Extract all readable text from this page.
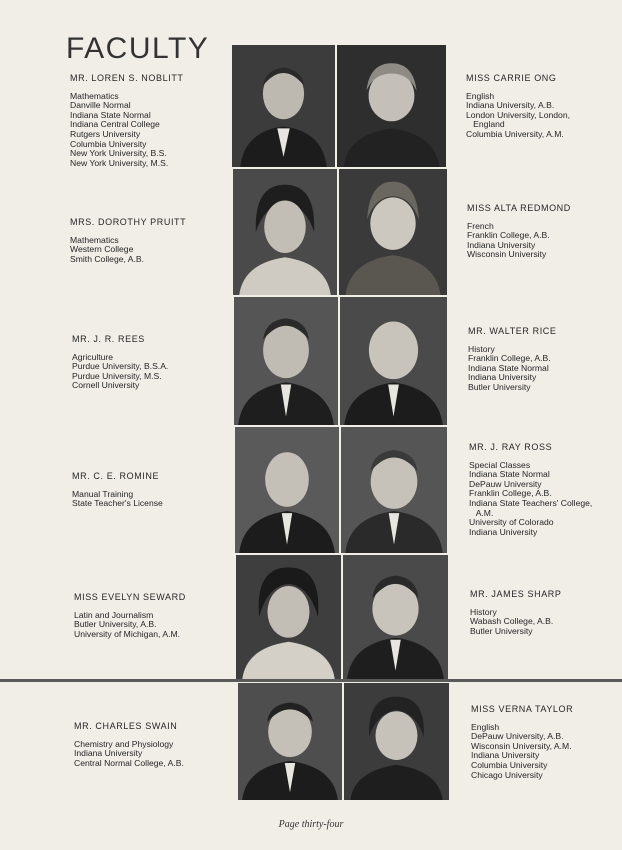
FACULTY
MR. LOREN S. NOBLITT
Mathematics
Danville Normal
Indiana State Normal
Indiana Central College
Rutgers University
Columbia University
New York University, B.S.
New York University, M.S.
MRS. DOROTHY PRUITT
Mathematics
Western College
Smith College, A.B.
MR. J. R. REES
Agriculture
Purdue University, B.S.A.
Purdue University, M.S.
Cornell University
MR. C. E. ROMINE
Manual Training
State Teacher's License
MISS EVELYN SEWARD
Latin and Journalism
Butler University, A.B.
University of Michigan, A.M.
MR. CHARLES SWAIN
Chemistry and Physiology
Indiana University
Central Normal College, A.B.
MISS CARRIE ONG
English
Indiana University, A.B.
London University, London,
England
Columbia University, A.M.
MISS ALTA REDMOND
French
Franklin College, A.B.
Indiana University
Wisconsin University
MR. WALTER RICE
History
Franklin College, A.B.
Indiana State Normal
Indiana University
Butler University
MR. J. RAY ROSS
Special Classes
Indiana State Normal
DePauw University
Franklin College, A.B.
Indiana State Teachers' College,
A.M.
University of Colorado
Indiana University
MR. JAMES SHARP
History
Wabash College, A.B.
Butler University
MISS VERNA TAYLOR
English
DePauw University, A.B.
Wisconsin University, A.M.
Indiana University
Columbia University
Chicago University
Page thirty-four
